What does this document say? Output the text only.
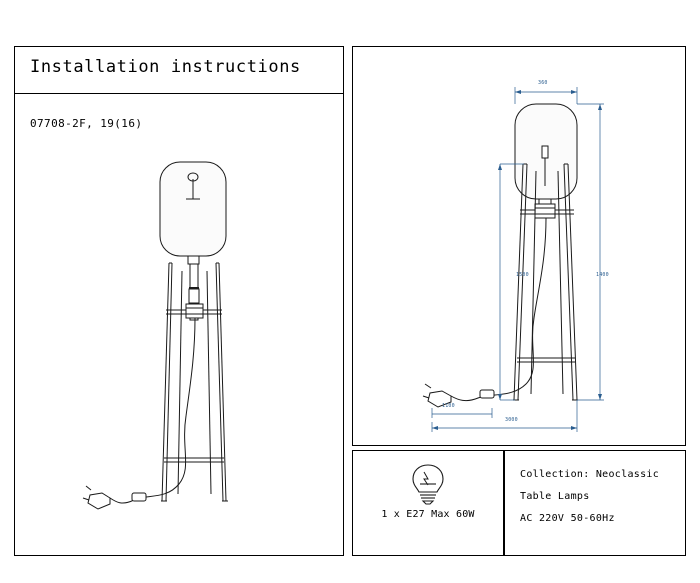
Installation instructions
07708-2F, 19(16)
360
1500	1400
1100
3000
1 x E27 Max 60W
Collection: Neoclassic
Table Lamps
AC 220V 50-60Hz
